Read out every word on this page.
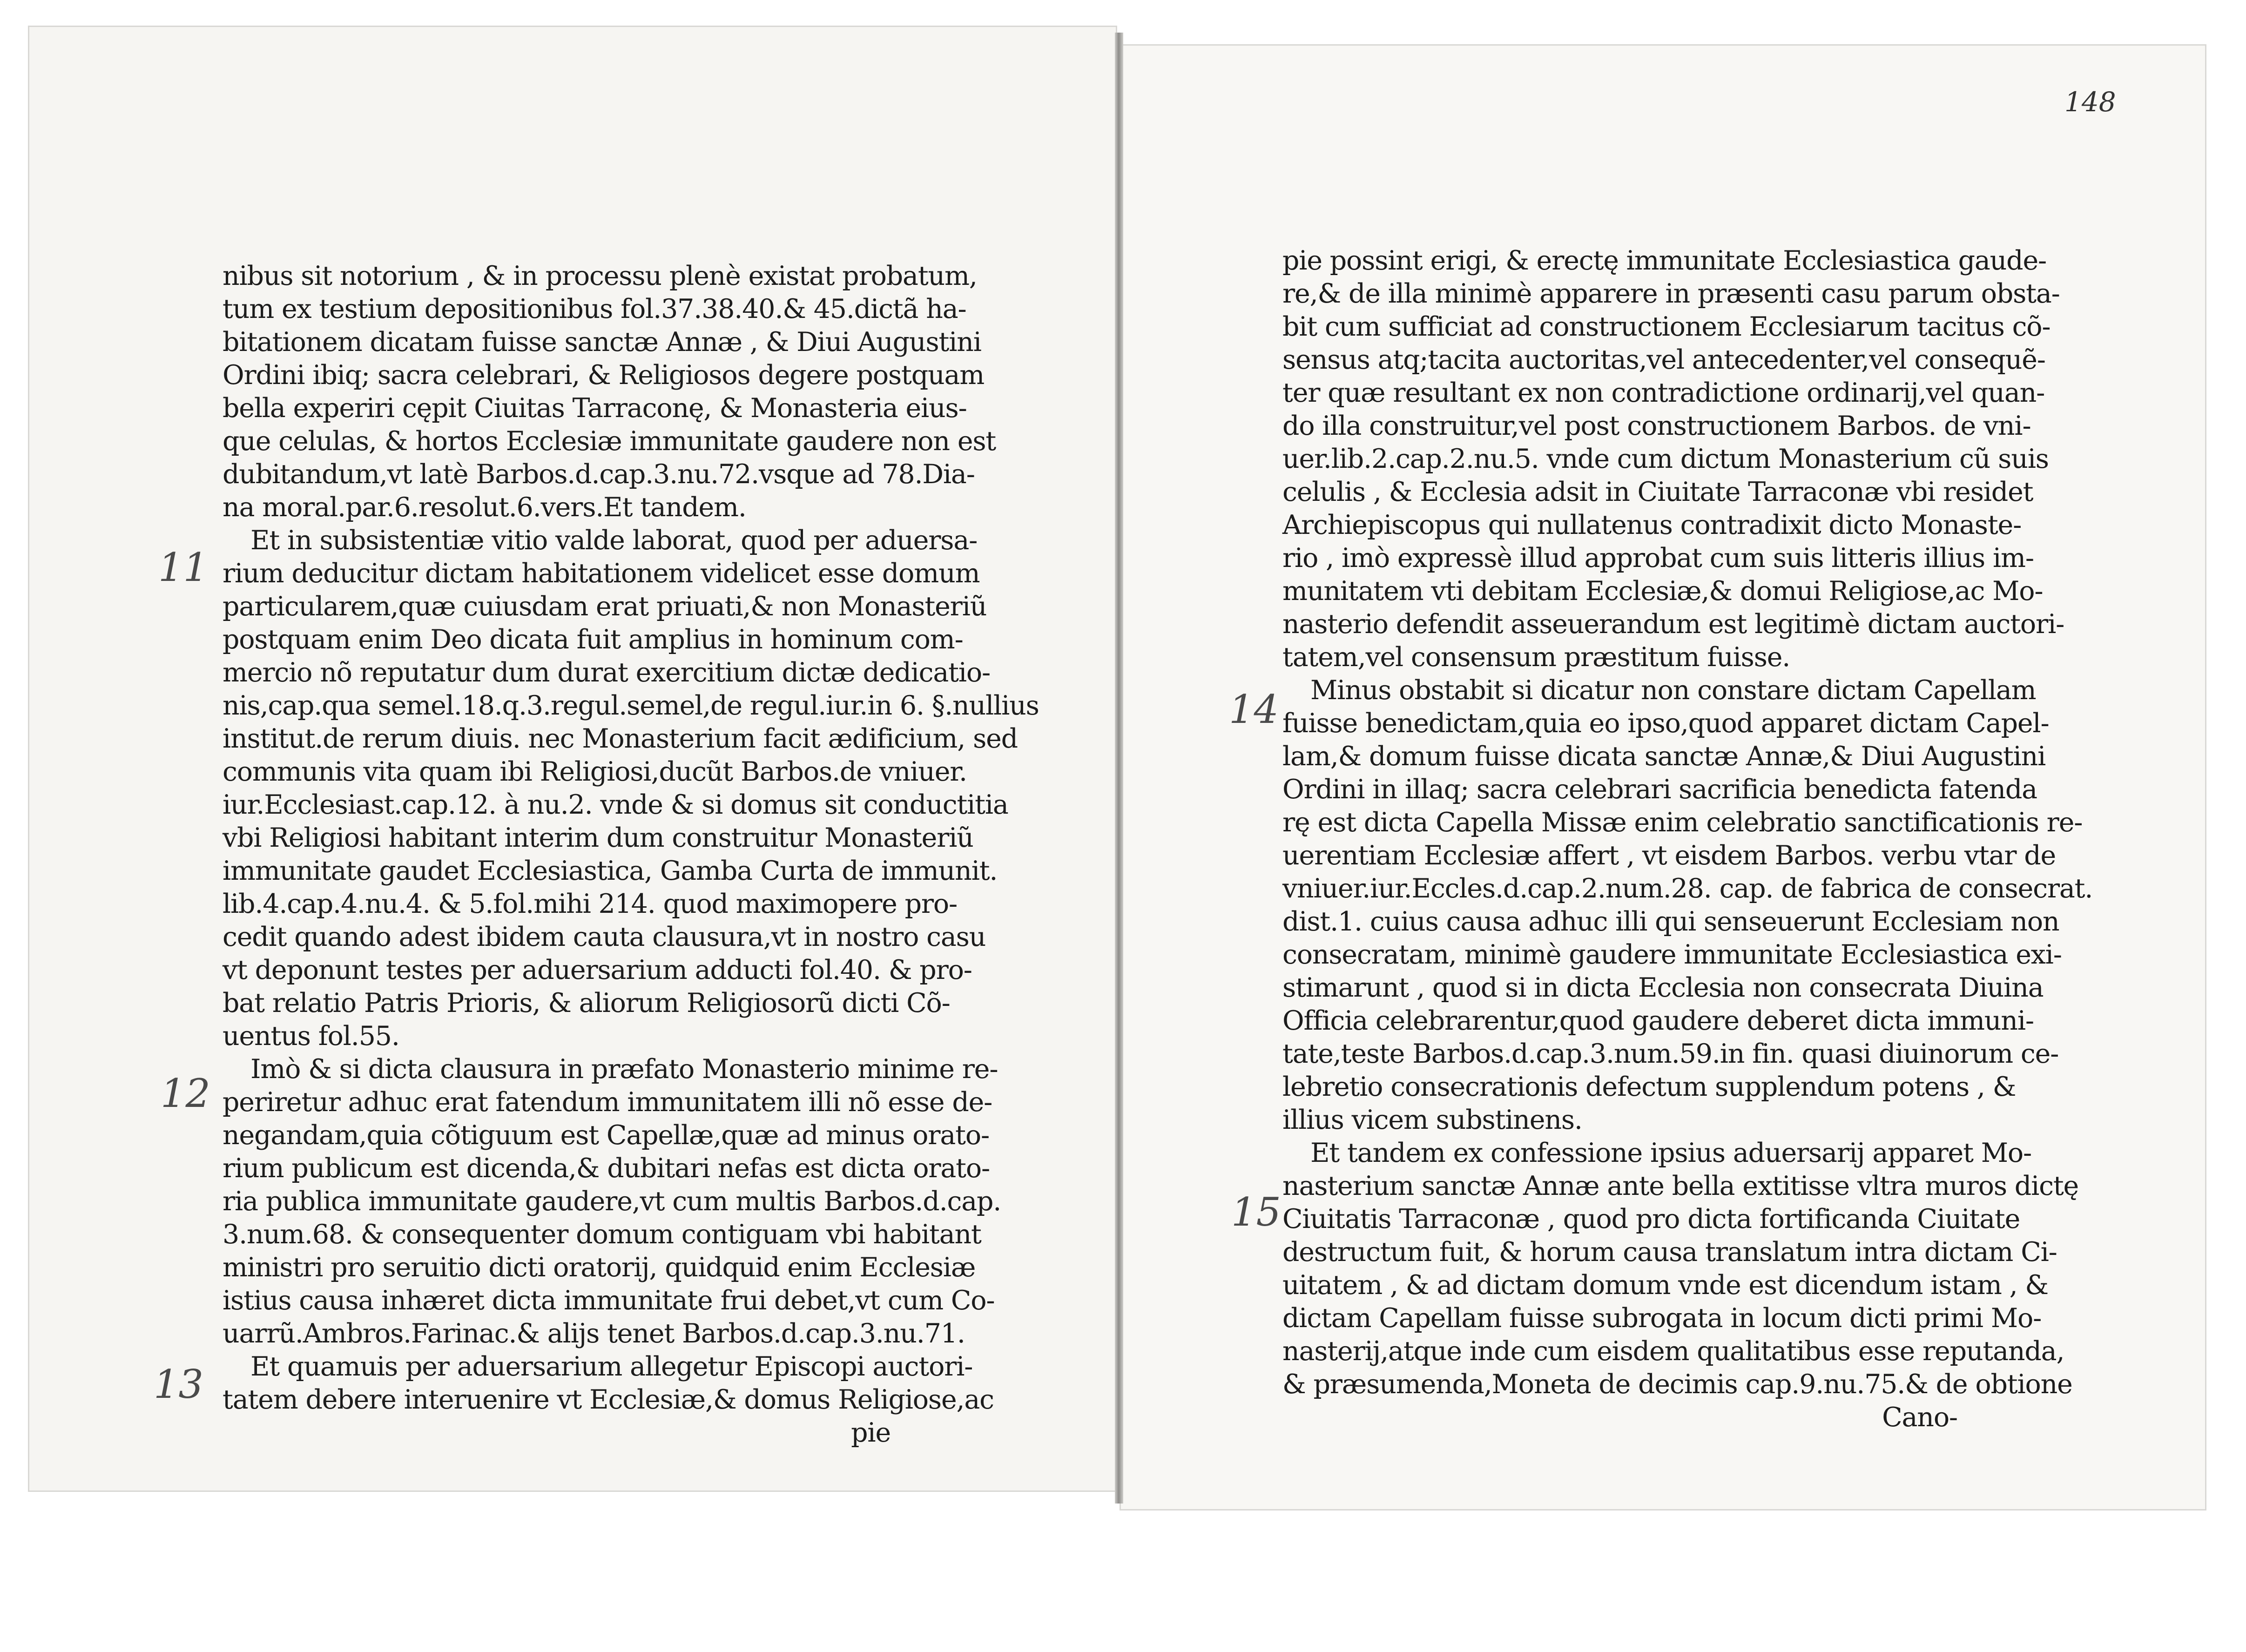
148
11
12
13
14
15
nibus sit notorium , & in processu plenè existat probatum,
tum ex testium depositionibus fol.37.38.40.& 45.dictã ha-
bitationem dicatam fuisse sanctæ Annæ , & Diui Augustini
Ordini ibiq; sacra celebrari, & Religiosos degere postquam
bella experiri cępit Ciuitas Tarraconę, & Monasteria eius-
que celulas, & hortos Ecclesiæ immunitate gaudere non est
dubitandum,vt latè Barbos.d.cap.3.nu.72.vsque ad 78.Dia-
na moral.par.6.resolut.6.vers.Et tandem.
Et in subsistentiæ vitio valde laborat, quod per aduersa-
rium deducitur dictam habitationem videlicet esse domum
particularem,quæ cuiusdam erat priuati,& non Monasteriũ
postquam enim Deo dicata fuit amplius in hominum com-
mercio nõ reputatur dum durat exercitium dictæ dedicatio-
nis,cap.qua semel.18.q.3.regul.semel,de regul.iur.in 6. §.nullius
institut.de rerum diuis. nec Monasterium facit ædificium, sed
communis vita quam ibi Religiosi,ducũt Barbos.de vniuer.
iur.Ecclesiast.cap.12. à nu.2. vnde & si domus sit conductitia
vbi Religiosi habitant interim dum construitur Monasteriũ
immunitate gaudet Ecclesiastica, Gamba Curta de immunit.
lib.4.cap.4.nu.4. & 5.fol.mihi 214. quod maximopere pro-
cedit quando adest ibidem cauta clausura,vt in nostro casu
vt deponunt testes per aduersarium adducti fol.40. & pro-
bat relatio Patris Prioris, & aliorum Religiosorũ dicti Cõ-
uentus fol.55.
Imò & si dicta clausura in præfato Monasterio minime re-
periretur adhuc erat fatendum immunitatem illi nõ esse de-
negandam,quia cõtiguum est Capellæ,quæ ad minus orato-
rium publicum est dicenda,& dubitari nefas est dicta orato-
ria publica immunitate gaudere,vt cum multis Barbos.d.cap.
3.num.68. & consequenter domum contiguam vbi habitant
ministri pro seruitio dicti oratorij, quidquid enim Ecclesiæ
istius causa inhæret dicta immunitate frui debet,vt cum Co-
uarrũ.Ambros.Farinac.& alijs tenet Barbos.d.cap.3.nu.71.
Et quamuis per aduersarium allegetur Episcopi auctori-
tatem debere interuenire vt Ecclesiæ,& domus Religiose,ac
pie
pie possint erigi, & erectę immunitate Ecclesiastica gaude-
re,& de illa minimè apparere in præsenti casu parum obsta-
bit cum sufficiat ad constructionem Ecclesiarum tacitus cõ-
sensus atq;tacita auctoritas,vel antecedenter,vel consequẽ-
ter quæ resultant ex non contradictione ordinarij,vel quan-
do illa construitur,vel post constructionem Barbos. de vni-
uer.lib.2.cap.2.nu.5. vnde cum dictum Monasterium cũ suis
celulis , & Ecclesia adsit in Ciuitate Tarraconæ vbi residet
Archiepiscopus qui nullatenus contradixit dicto Monaste-
rio , imò expressè illud approbat cum suis litteris illius im-
munitatem vti debitam Ecclesiæ,& domui Religiose,ac Mo-
nasterio defendit asseuerandum est legitimè dictam auctori-
tatem,vel consensum præstitum fuisse.
Minus obstabit si dicatur non constare dictam Capellam
fuisse benedictam,quia eo ipso,quod apparet dictam Capel-
lam,& domum fuisse dicata sanctæ Annæ,& Diui Augustini
Ordini in illaq; sacra celebrari sacrificia benedicta fatenda
rę est dicta Capella Missæ enim celebratio sanctificationis re-
uerentiam Ecclesiæ affert , vt eisdem Barbos. verbu vtar de
vniuer.iur.Eccles.d.cap.2.num.28. cap. de fabrica de consecrat.
dist.1. cuius causa adhuc illi qui senseuerunt Ecclesiam non
consecratam, minimè gaudere immunitate Ecclesiastica exi-
stimarunt , quod si in dicta Ecclesia non consecrata Diuina
Officia celebrarentur,quod gaudere deberet dicta immuni-
tate,teste Barbos.d.cap.3.num.59.in fin. quasi diuinorum ce-
lebretio consecrationis defectum supplendum potens , &
illius vicem substinens.
Et tandem ex confessione ipsius aduersarij apparet Mo-
nasterium sanctæ Annæ ante bella extitisse vltra muros dictę
Ciuitatis Tarraconæ , quod pro dicta fortificanda Ciuitate
destructum fuit, & horum causa translatum intra dictam Ci-
uitatem , & ad dictam domum vnde est dicendum istam , &
dictam Capellam fuisse subrogata in locum dicti primi Mo-
nasterij,atque inde cum eisdem qualitatibus esse reputanda,
& præsumenda,Moneta de decimis cap.9.nu.75.& de obtione
Cano-
